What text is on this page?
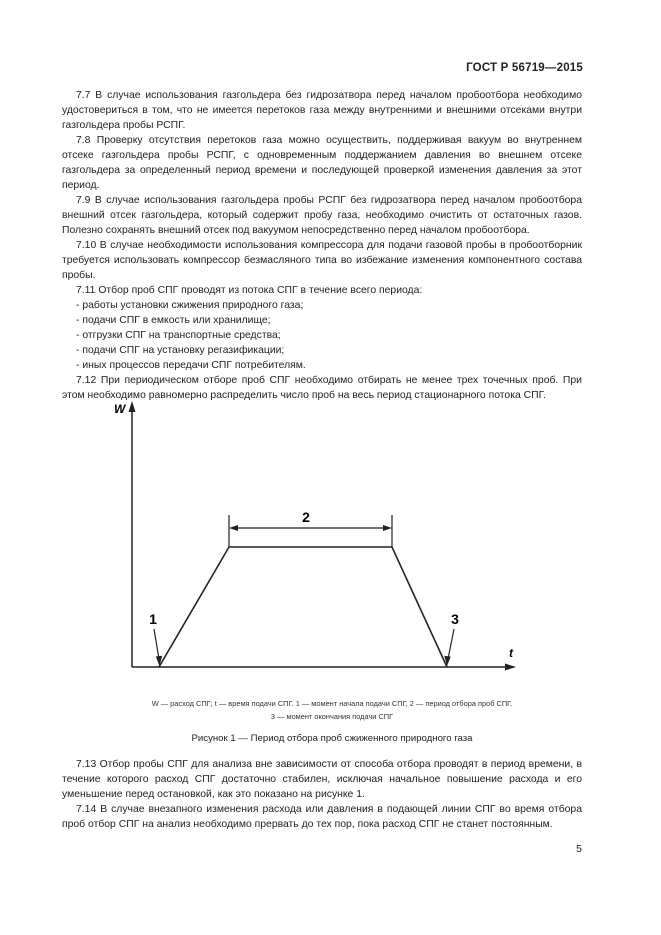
ГОСТ Р 56719—2015

7.7 В случае использования газгольдера без гидрозатвора перед началом пробоотбора необходимо удостовериться в том, что не имеется перетоков газа между внутренними и внешними отсеками внутри газгольдера пробы РСПГ.

7.8 Проверку отсутствия перетоков газа можно осуществить, поддерживая вакуум во внутреннем отсеке газгольдера пробы РСПГ, с одновременным поддержанием давления во внешнем отсеке газгольдера за определенный период времени и последующей проверкой изменения давления за этот период.

7.9 В случае использования газгольдера пробы РСПГ без гидрозатвора перед началом пробоотбора внешний отсек газгольдера, который содержит пробу газа, необходимо очистить от остаточных газов. Полезно сохранять внешний отсек под вакуумом непосредственно перед началом пробоотбора.

7.10 В случае необходимости использования компрессора для подачи газовой пробы в пробоотборник требуется использовать компрессор безмасляного типа во избежание изменения компонентного состава пробы.

7.11 Отбор проб СПГ проводят из потока СПГ в течение всего периода:

- работы установки сжижения природного газа;

- подачи СПГ в емкость или хранилище;

- отгрузки СПГ на транспортные средства;

- подачи СПГ на установку регазификации;

- иных процессов передачи СПГ потребителям.

7.12 При периодическом отборе проб СПГ необходимо отбирать не менее трех точечных проб. При этом необходимо равномерно распределить число проб на весь период стационарного потока СПГ.

W
t
2
1	3
W — расход СПГ; t — время подачи СПГ. 1 — момент начала подачи СПГ, 2 — период отбора проб СПГ.
3 — момент окончания подачи СПГ
Рисунок 1 — Период отбора проб сжиженного природного газа

7.13 Отбор пробы СПГ для анализа вне зависимости от способа отбора проводят в период времени, в течение которого расход СПГ достаточно стабилен, исключая начальное повышение расхода и его уменьшение перед остановкой, как это показано на рисунке 1.

7.14 В случае внезапного изменения расхода или давления в подающей линии СПГ во время отбора проб отбор СПГ на анализ необходимо прервать до тех пор, пока расход СПГ не станет постоянным.

5
